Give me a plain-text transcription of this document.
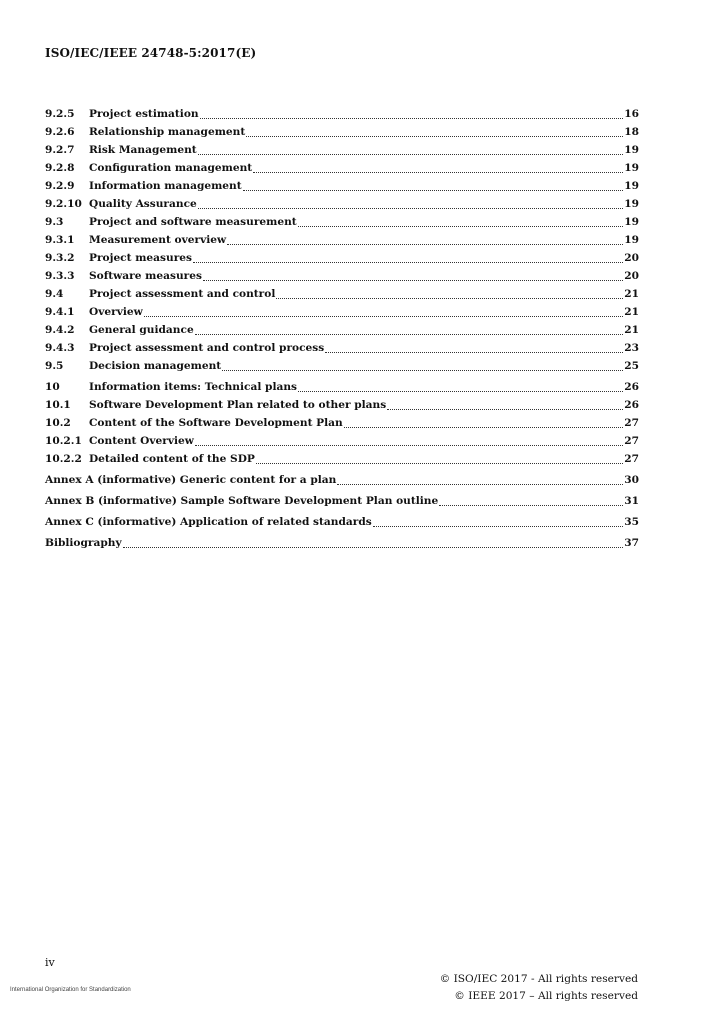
ISO/IEC/IEEE 24748-5:2017(E)
9.2.5	Project estimation	16
9.2.6	Relationship management	18
9.2.7	Risk Management	19
9.2.8	Configuration management	19
9.2.9	Information management	19
9.2.10 Quality Assurance	19
9.3	Project and software measurement	19
9.3.1	Measurement overview	19
9.3.2	Project measures	20
9.3.3	Software measures	20
9.4	Project assessment and control	21
9.4.1	Overview	21
9.4.2	General guidance	21
9.4.3	Project assessment and control process	23
9.5	Decision management	25
10	Information items: Technical plans	26
10.1	Software Development Plan related to other plans	26
10.2	Content of the Software Development Plan	27
10.2.1 Content Overview	27
10.2.2 Detailed content of the SDP	27
Annex A (informative) Generic content for a plan	30
Annex B (informative) Sample Software Development Plan outline	31
Annex C (informative) Application of related standards	35
Bibliography	37
iv
© ISO/IEC 2017 - All rights reserved
© IEEE 2017 – All rights reserved
International Organization for Standardization
